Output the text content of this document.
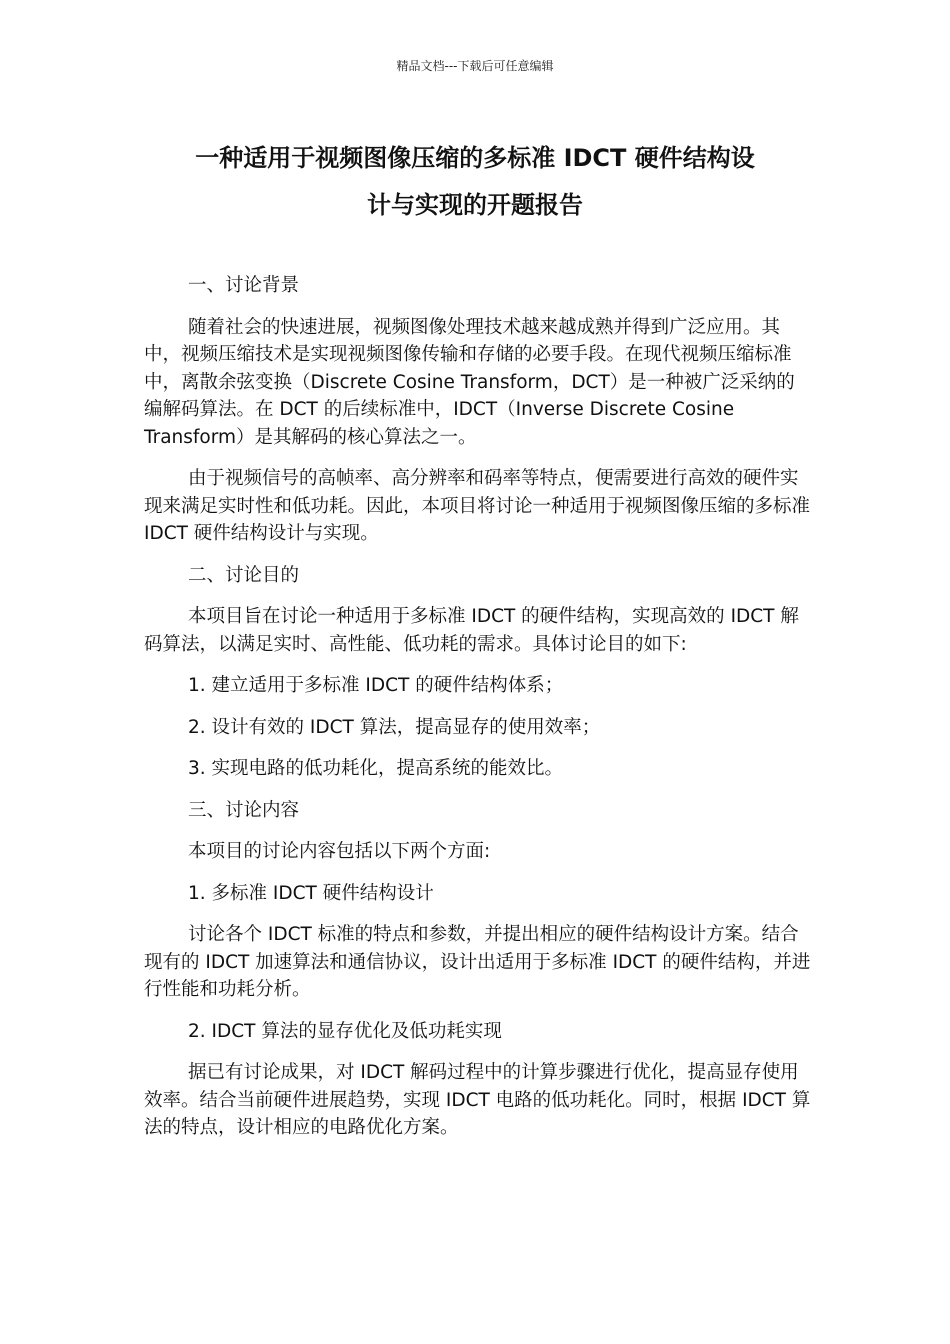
精品文档---下载后可任意编辑
一种适用于视频图像压缩的多标准 IDCT 硬件结构设
计与实现的开题报告

一、讨论背景

随着社会的快速进展，视频图像处理技术越来越成熟并得到广泛应用。其中，视频压缩技术是实现视频图像传输和存储的必要手段。在现代视频压缩标准中，离散余弦变换（Discrete Cosine Transform，DCT）是一种被广泛采纳的编解码算法。在 DCT 的后续标准中，IDCT（Inverse Discrete Cosine Transform）是其解码的核心算法之一。

由于视频信号的高帧率、高分辨率和码率等特点，便需要进行高效的硬件实现来满足实时性和低功耗。因此，本项目将讨论一种适用于视频图像压缩的多标准 IDCT 硬件结构设计与实现。

二、讨论目的

本项目旨在讨论一种适用于多标准 IDCT 的硬件结构，实现高效的 IDCT 解码算法，以满足实时、高性能、低功耗的需求。具体讨论目的如下:

1. 建立适用于多标准 IDCT 的硬件结构体系；

2. 设计有效的 IDCT 算法，提高显存的使用效率；

3. 实现电路的低功耗化，提高系统的能效比。

三、讨论内容

本项目的讨论内容包括以下两个方面:

1. 多标准 IDCT 硬件结构设计

讨论各个 IDCT 标准的特点和参数，并提出相应的硬件结构设计方案。结合现有的 IDCT 加速算法和通信协议，设计出适用于多标准 IDCT 的硬件结构，并进行性能和功耗分析。

2. IDCT 算法的显存优化及低功耗实现

据已有讨论成果，对 IDCT 解码过程中的计算步骤进行优化，提高显存使用效率。结合当前硬件进展趋势，实现 IDCT 电路的低功耗化。同时，根据 IDCT 算法的特点，设计相应的电路优化方案。
